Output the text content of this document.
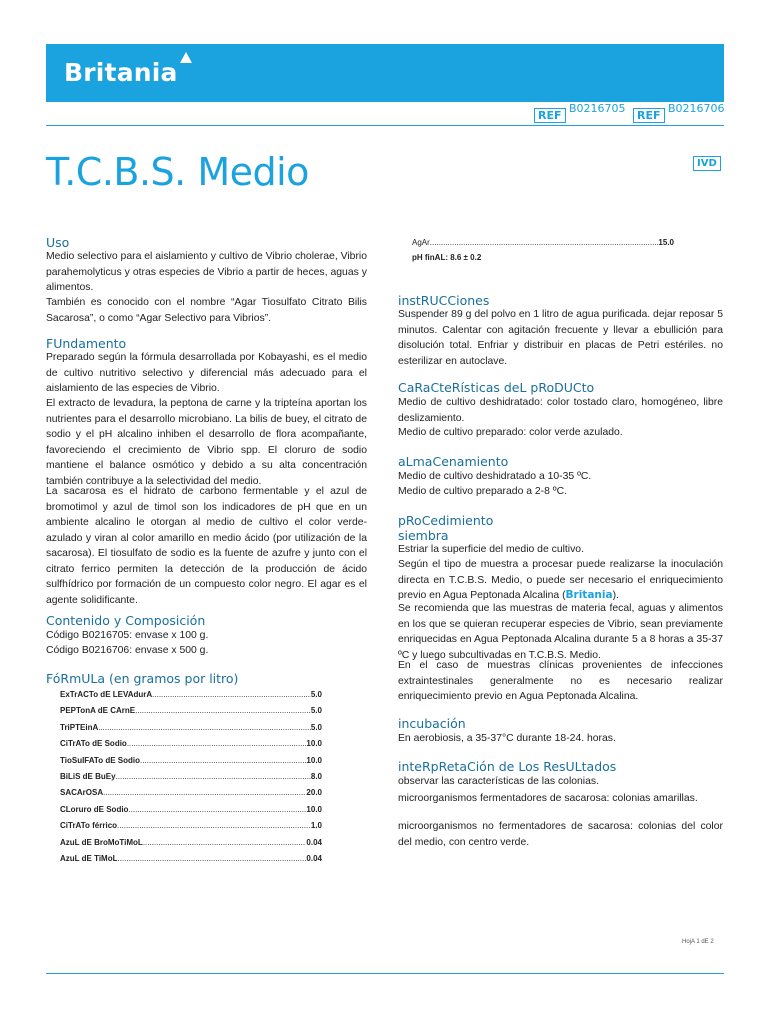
Britania
REF
B0216705
REF
B0216706
T.C.B.S. Medio	IVD
Uso

Medio selectivo para el aislamiento y cultivo de Vibrio cholerae, Vibrio parahemolyticus y otras especies de Vibrio a partir de heces, aguas y alimentos.

También es conocido con el nombre “Agar Tiosulfato Citrato Bilis Sacarosa”, o como “Agar Selectivo para Vibrios”.

FUndamento

Preparado según la fórmula desarrollada por Kobayashi, es el medio de cultivo nutritivo selectivo y diferencial más adecuado para el aislamiento de las especies de Vibrio.

El extracto de levadura, la peptona de carne y la tripteína aportan los nutrientes para el desarrollo microbiano. La bilis de buey, el citrato de sodio y el pH alcalino inhiben el desarrollo de flora acompañante, favoreciendo el crecimiento de Vibrio spp. El cloruro de sodio mantiene el balance osmótico y debido a su alta concentración también contribuye a la selectividad del medio.

La sacarosa es el hidrato de carbono fermentable y el azul de bromotimol y azul de timol son los indicadores de pH que en un ambiente alcalino le otorgan al medio de cultivo el color verde-azulado y viran al color amarillo en medio ácido (por utilización de la sacarosa). El tiosulfato de sodio es la fuente de azufre y junto con el citrato ferrico permiten la detección de la producción de ácido sulfhídrico por formación de un compuesto color negro. El agar es el agente solidificante.

Contenido y Composición

Código B0216705: envase x 100 g.

Código B0216706: envase x 500 g.

FóRmULa (en gramos por litro)
ExTrACTo dE LEVAdurA .....	5.0
PEPTonA dE CArnE .....	5.0
TriPTEinA .....	5.0
CiTrATo dE Sodio .....	10.0
TioSulFATo dE Sodio .....	10.0
BiLiS dE BuEy .....	8.0
SACArOSA .....	20.0
CLoruro dE Sodio .....	10.0
CiTrATo férrico .....	1.0
AzuL dE BroMoTiMoL .....	0.04
AzuL dE TiMoL .....	0.04
AgAr .....	15.0
pH finAL: 8.6 ± 0.2
instRUCCiones

Suspender 89 g del polvo en 1 litro de agua purificada. dejar reposar 5 minutos. Calentar con agitación frecuente y llevar a ebullición para disolución total. Enfriar y distribuir en placas de Petri estériles. no esterilizar en autoclave.

CaRaCteRísticas deL pRoDUCto

Medio de cultivo deshidratado: color tostado claro, homogéneo, libre deslizamiento.

Medio de cultivo preparado: color verde azulado.

aLmaCenamiento

Medio de cultivo deshidratado a 10-35 ºC.

Medio de cultivo preparado a 2-8 ºC.

pRoCedimiento
siembra

Estriar la superficie del medio de cultivo.

Según el tipo de muestra a procesar puede realizarse la inoculación directa en T.C.B.S. Medio, o puede ser necesario el enriquecimiento previo en Agua Peptonada Alcalina (Britania).

Se recomienda que las muestras de materia fecal, aguas y alimentos en los que se quieran recuperar especies de Vibrio, sean previamente enriquecidas en Agua Peptonada Alcalina durante 5 a 8 horas a 35-37 ºC y luego subcultivadas en T.C.B.S. Medio.

En el caso de muestras clínicas provenientes de infecciones extraintestinales generalmente no es necesario realizar enriquecimiento previo en Agua Peptonada Alcalina.

incubación

En aerobiosis, a 35-37°C durante 18-24. horas.

inteRpRetaCión de Los ResULtados

observar las características de las colonias.

microorganismos fermentadores de sacarosa: colonias amarillas.

microorganismos no fermentadores de sacarosa: colonias del color del medio, con centro verde.

HojA 1 dE 2
